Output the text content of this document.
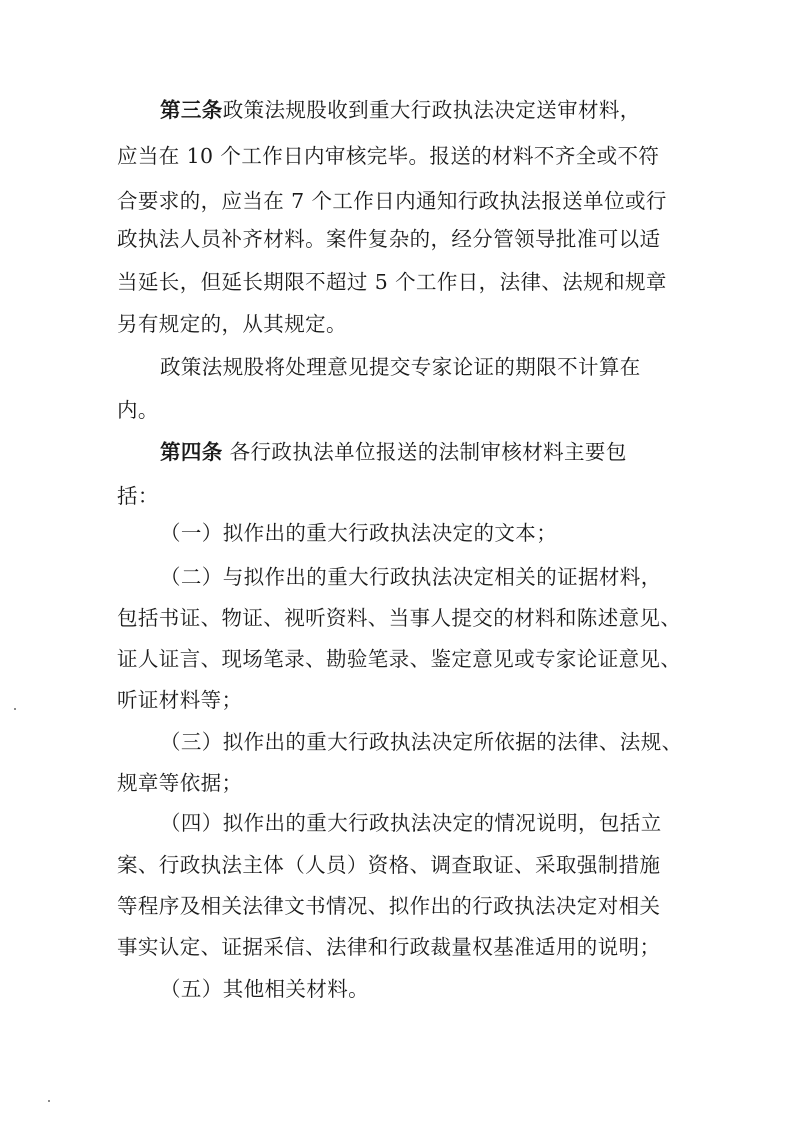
第三条政策法规股收到重大行政执法决定送审材料，
应当在 10 个工作日内审核完毕。报送的材料不齐全或不符
合要求的，应当在 7 个工作日内通知行政执法报送单位或行
政执法人员补齐材料。案件复杂的，经分管领导批准可以适
当延长，但延长期限不超过 5 个工作日，法律、法规和规章
另有规定的，从其规定。
政策法规股将处理意见提交专家论证的期限不计算在
内。
第四条 各行政执法单位报送的法制审核材料主要包
括：
（一）拟作出的重大行政执法决定的文本；
（二）与拟作出的重大行政执法决定相关的证据材料，
包括书证、物证、视听资料、当事人提交的材料和陈述意见、
证人证言、现场笔录、勘验笔录、鉴定意见或专家论证意见、
听证材料等；
（三）拟作出的重大行政执法决定所依据的法律、法规、
规章等依据；
（四）拟作出的重大行政执法决定的情况说明，包括立
案、行政执法主体（人员）资格、调查取证、采取强制措施
等程序及相关法律文书情况、拟作出的行政执法决定对相关
事实认定、证据采信、法律和行政裁量权基准适用的说明；
（五）其他相关材料。
